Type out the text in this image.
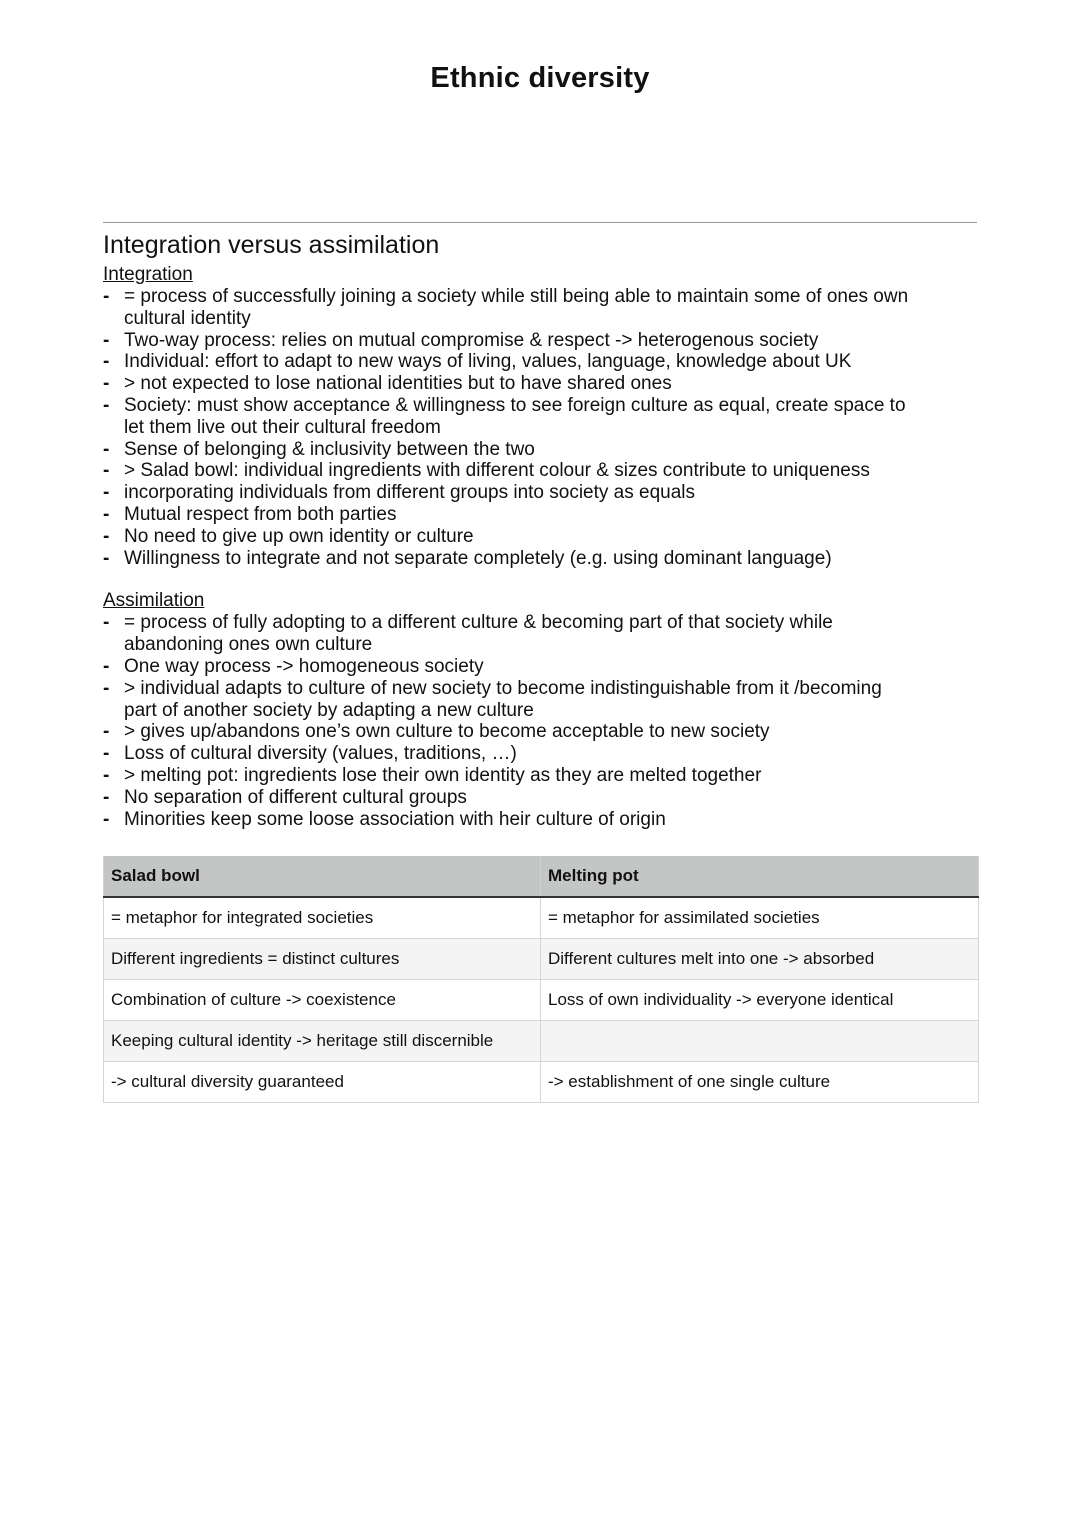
Ethnic diversity
Integration versus assimilation
Integration
- = process of successfully joining a society while still being able to maintain some of ones own
cultural identity
- Two-way process: relies on mutual compromise & respect -> heterogenous society
- Individual: effort to adapt to new ways of living, values, language, knowledge about UK
- > not expected to lose national identities but to have shared ones
- Society: must show acceptance & willingness to see foreign culture as equal, create space to
let them live out their cultural freedom
- Sense of belonging & inclusivity between the two
- > Salad bowl: individual ingredients with different colour & sizes contribute to uniqueness
- incorporating individuals from different groups into society as equals
- Mutual respect from both parties
- No need to give up own identity or culture
- Willingness to integrate and not separate completely (e.g. using dominant language)
Assimilation
- = process of fully adopting to a different culture & becoming part of that society while
abandoning ones own culture
- One way process -> homogeneous society
- > individual adapts to culture of new society to become indistinguishable from it /becoming
part of another society by adapting a new culture
- > gives up/abandons one’s own culture to become acceptable to new society
- Loss of cultural diversity (values, traditions, …)
- > melting pot: ingredients lose their own identity as they are melted together
- No separation of different cultural groups
- Minorities keep some loose association with heir culture of origin
Salad bowl	Melting pot
= metaphor for integrated societies	= metaphor for assimilated societies
Different ingredients = distinct cultures	Different cultures melt into one -> absorbed
Combination of culture -> coexistence	Loss of own individuality -> everyone identical
Keeping cultural identity -> heritage still discernible	
-> cultural diversity guaranteed	-> establishment of one single culture
